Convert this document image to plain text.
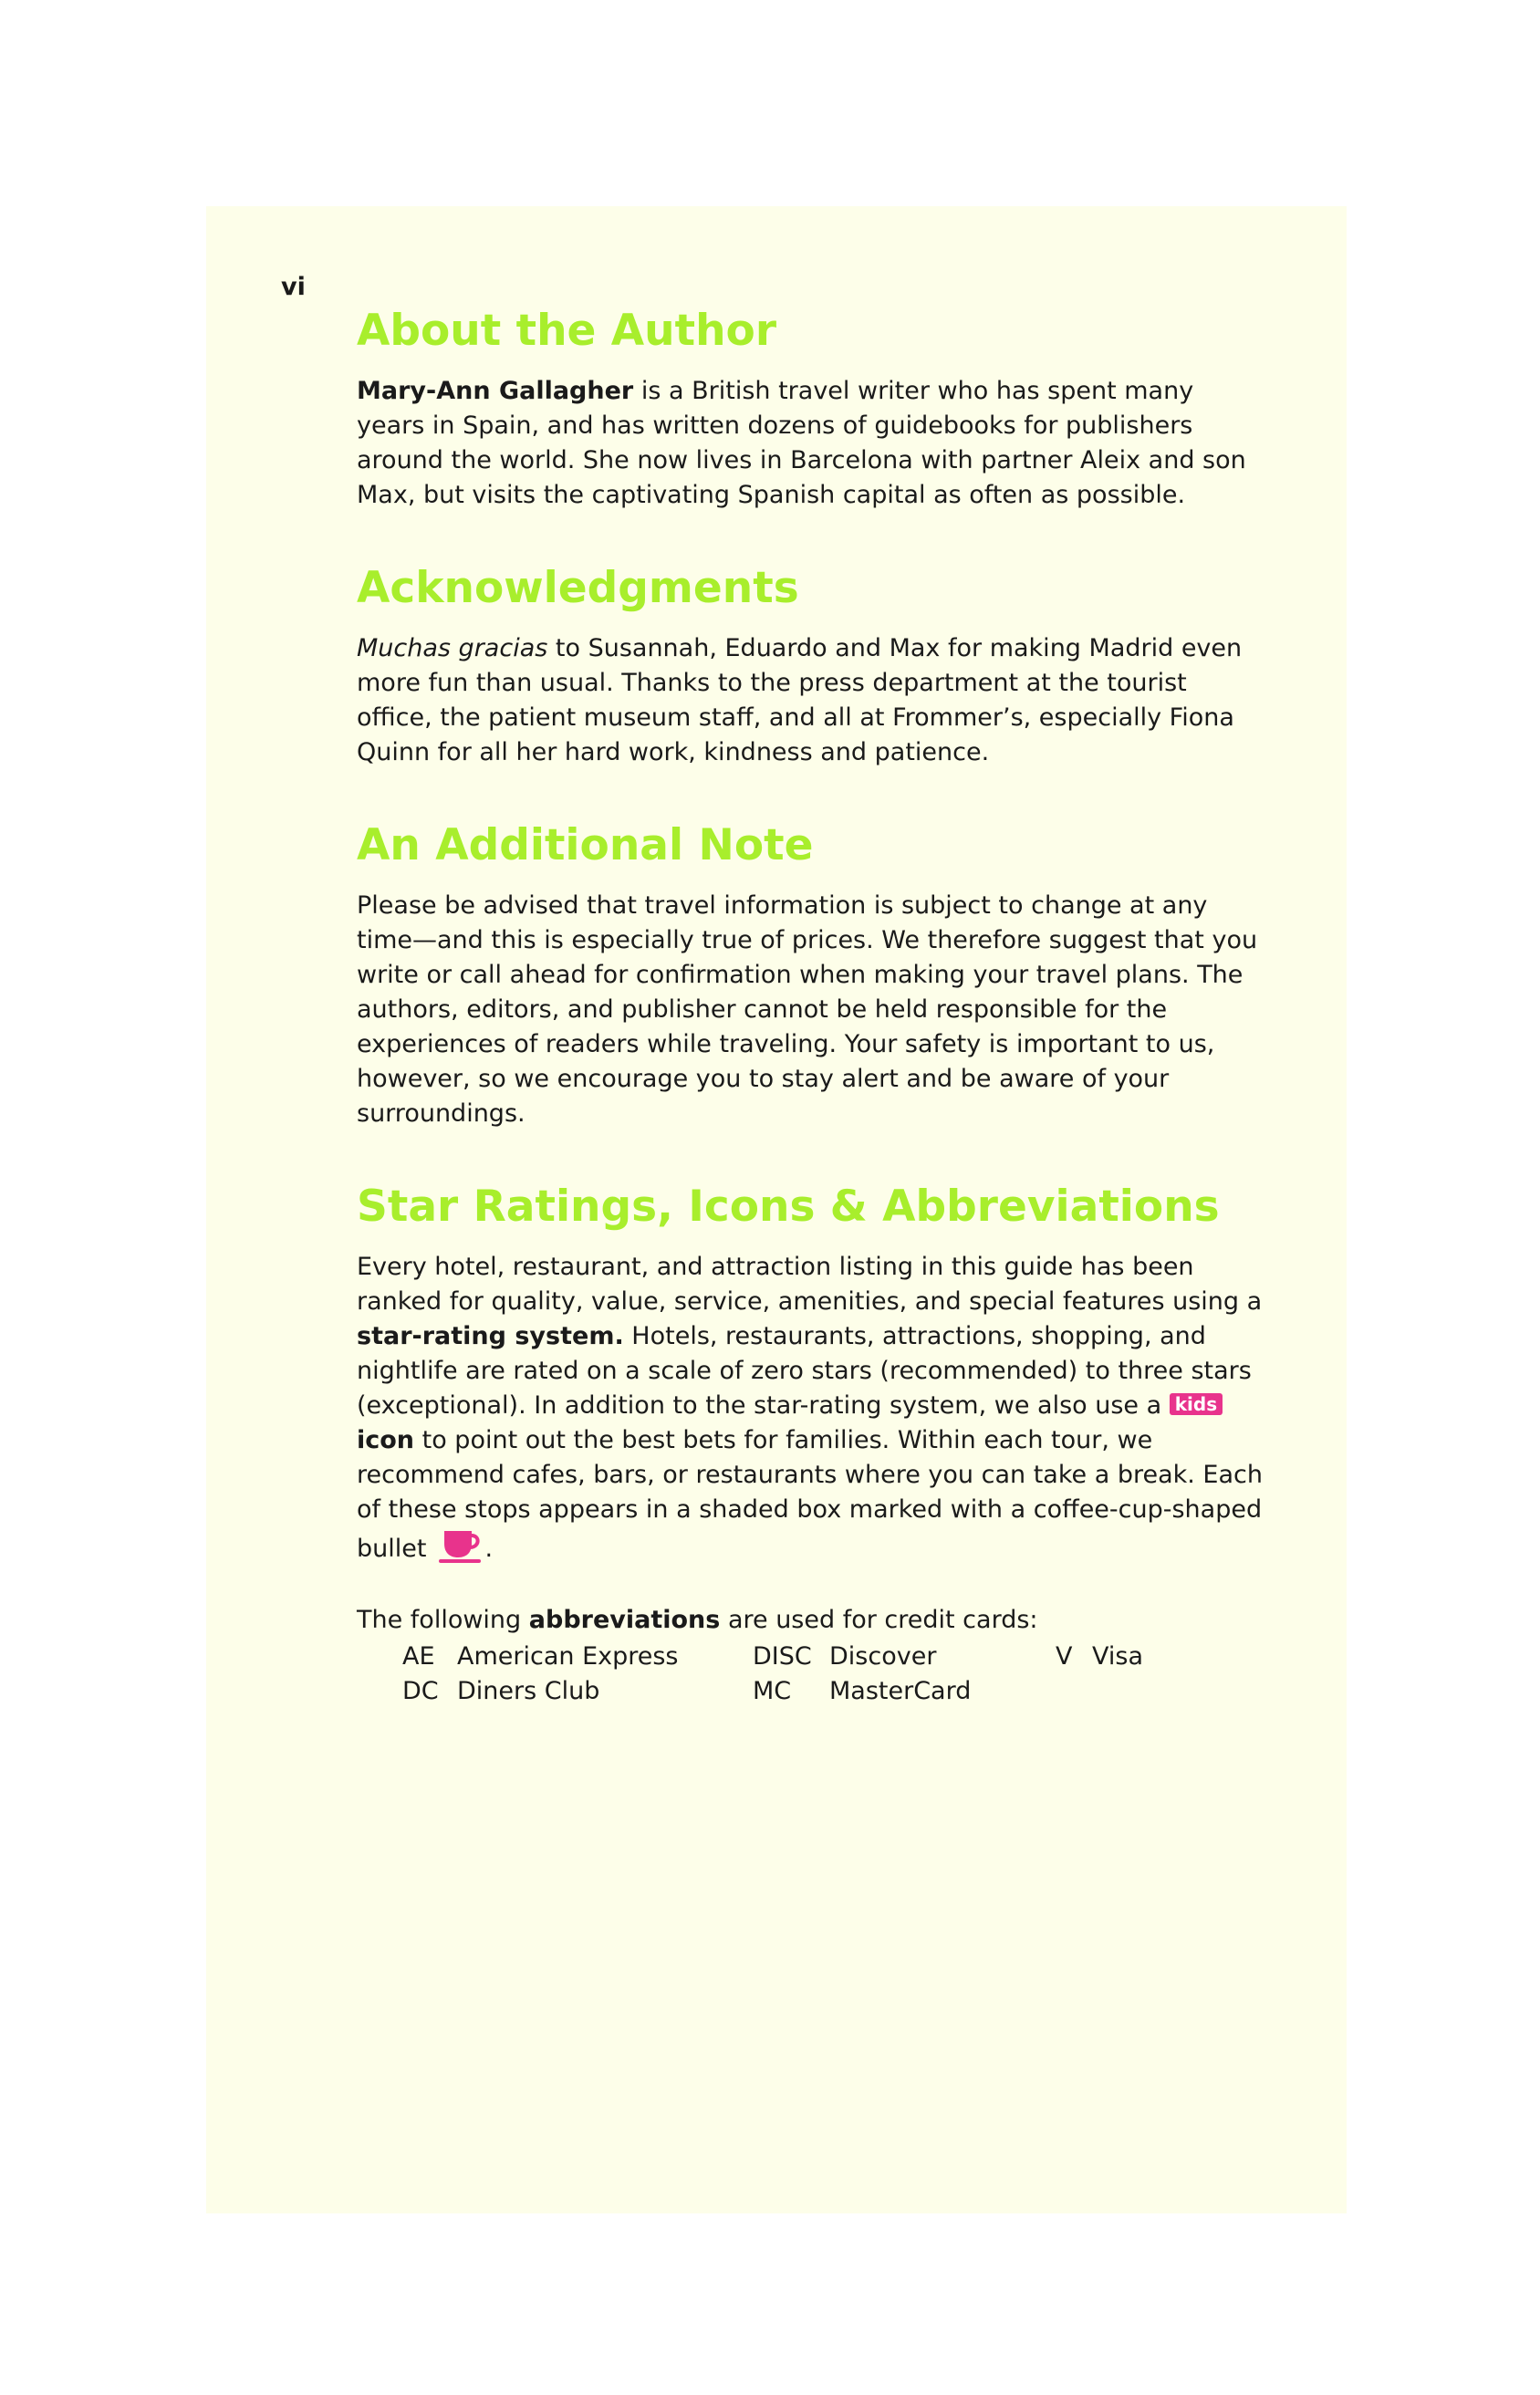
vi
About the Author

Mary-Ann Gallagher is a British travel writer who has spent many years in Spain, and has written dozens of guidebooks for publishers around the world. She now lives in Barcelona with partner Aleix and son Max, but visits the captivating Spanish capital as often as possible.

Acknowledgments

Muchas gracias to Susannah, Eduardo and Max for making Madrid even more fun than usual. Thanks to the press department at the tourist office, the patient museum staff, and all at Frommer’s, especially Fiona Quinn for all her hard work, kindness and patience.

An Additional Note

Please be advised that travel information is subject to change at any time—and this is especially true of prices. We therefore suggest that you write or call ahead for confirmation when making your travel plans. The authors, editors, and publisher cannot be held responsible for the experiences of readers while traveling. Your safety is important to us, however, so we encourage you to stay alert and be aware of your surroundings.

Star Ratings, Icons & Abbreviations

Every hotel, restaurant, and attraction listing in this guide has been ranked for quality, value, service, amenities, and special features using a star-rating system. Hotels, restaurants, attractions, shopping, and nightlife are rated on a scale of zero stars (recommended) to three stars (exceptional). In addition to the star-rating system, we also use a kids icon to point out the best bets for families. Within each tour, we recommend cafes, bars, or restaurants where you can take a break. Each of these stops appears in a shaded box marked with a coffee-cup-shaped bullet .

The following abbreviations are used for credit cards:

AE American Express	DISC Discover	V Visa
DC Diners Club	MC	MasterCard
